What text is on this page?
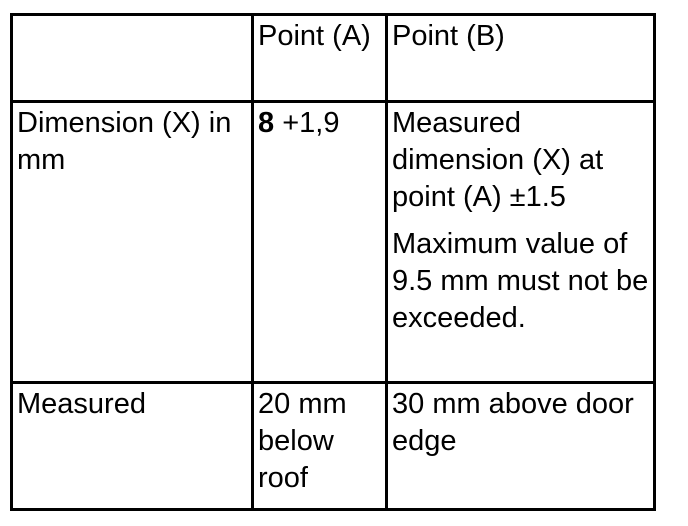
	Point (A)	Point (B)
Dimension (X) in mm	8 +1,9	Measured dimension (X) at point (A) ±1.5
Maximum value of 9.5 mm must not be exceeded.

Measured	20 mm below roof	30 mm above door edge
